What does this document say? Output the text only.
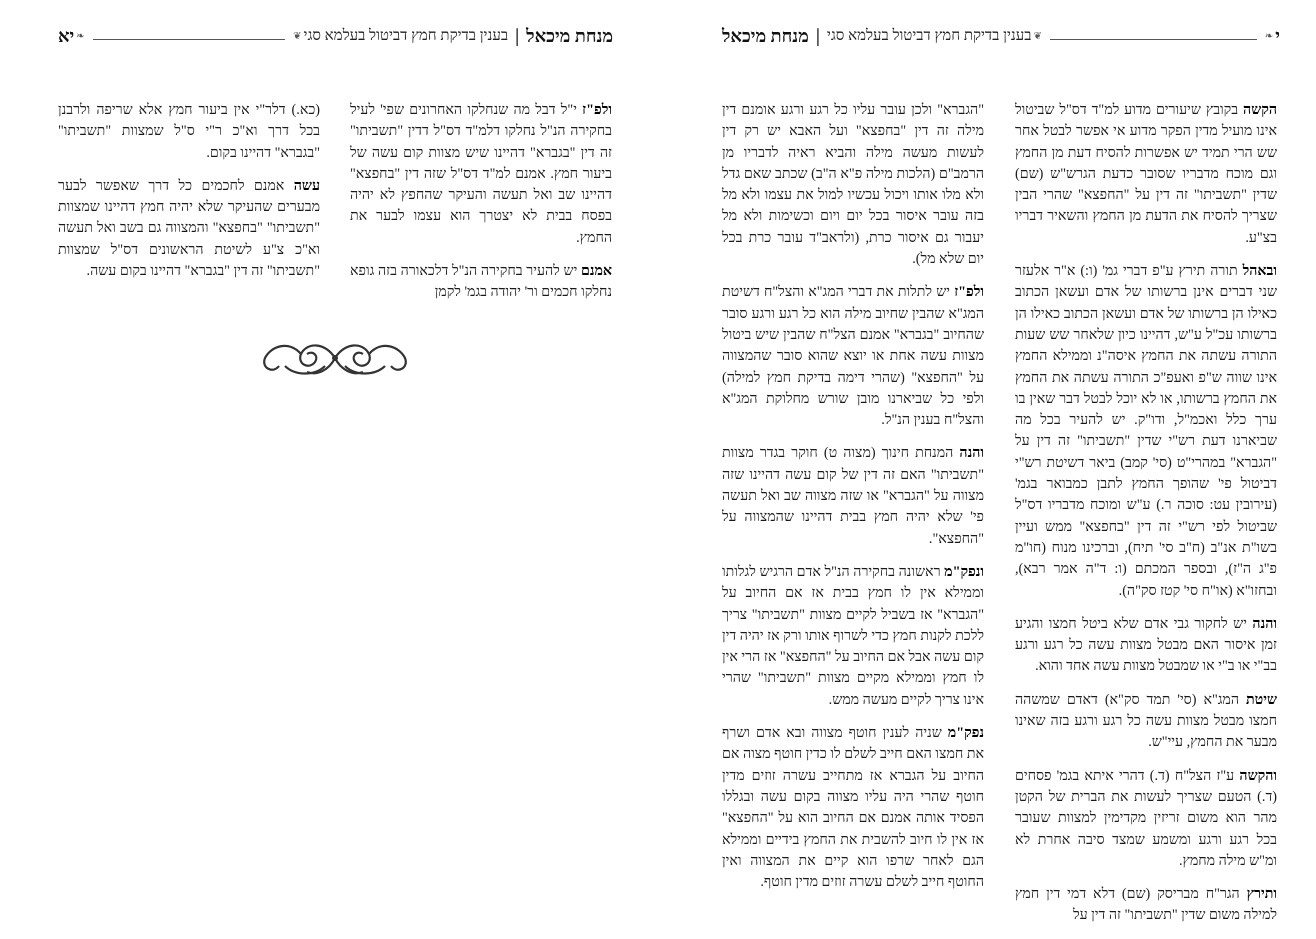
מנחת מיכאל
|
בענין בדיקת חמץ דביטול בעלמא סגי
❦
❧
יא

ולפ"ז י"ל דבל מה שנחלקו האחרונים שפי' לעיל בחקירה הנ"ל נחלקו דלמ"ד דס"ל דדין "תשביתו" זה דין "בגברא" דהיינו שיש מצוות קום עשה של ביעור חמץ. אמנם למ"ד דס"ל שזה דין "בחפצא" דהיינו שב ואל תעשה והעיקר שהחפץ לא יהיה בפסח בבית לא יצטרך הוא עצמו לבער את החמץ.

אמנם יש להעיר בחקירה הנ"ל דלכאורה בזה גופא נחלקו חכמים ור' יהודה בגמ' לקמן

(כא.) דלר"י אין ביעור חמץ אלא שריפה ולרבנן בכל דרך וא"כ ר"י ס"ל שמצוות "תשביתו" "בגברא" דהיינו בקום.

עשה אמנם לחכמים כל דרך שאפשר לבער מבערים שהעיקר שלא יהיה חמץ דהיינו שמצוות "תשביתו" "בחפצא" והמצווה גם בשב ואל תעשה וא"כ צ"ע לשיטת הראשונים דס"ל שמצוות "תשביתו" זה דין "בגברא" דהיינו בקום עשה.

י
❧
❦
בענין בדיקת חמץ דביטול בעלמא סגי
|
מנחת מיכאל

הקשה בקובץ שיעורים מדוע למ"ד דס"ל שביטול אינו מועיל מדין הפקר מדוע אי אפשר לבטל אחר שש הרי תמיד יש אפשרות להסיח דעת מן החמץ וגם מוכח מדבריו שסובר כדעת הגרש"ש (שם) שדין "תשביתו" זה דין על "החפצא" שהרי הבין שצריך להסיח את הדעת מן החמץ והשאיר דבריו בצ"ע.

ובאהל תורה תירץ ע"פ דברי גמ' (ו:) א"ר אלעזר שני דברים אינן ברשותו של אדם ועשאן הכתוב כאילו הן ברשותו של אדם ועשאן הכתוב כאילו הן ברשותו עכ"ל ע"ש, דהיינו כיון שלאחר שש שעות התורה עשתה את החמץ איסה"נ וממילא החמץ אינו שווה ש"פ ואעפ"כ התורה עשתה את החמץ את החמץ ברשותו, או לא יוכל לבטל דבר שאין בו ערך כלל ואכמ"ל, ודו"ק. יש להעיר בכל מה שביארנו דעת רש"י שדין "תשביתו" זה דין על "הגברא" במהרי"ט (סי' קמב) ביאר דשיטת רש"י דביטול פי' שהופך החמץ לתבן כמבואר בגמ' (עירובין עט: סוכה ר.) ע"ש ומוכח מדבריו דס"ל שביטול לפי רש"י זה דין "בחפצא" ממש ועיין בשו"ת אנ"ב (ח"ב סי' תיח), וברכינו מנוח (חו"מ פ"ג ה"ז), ובספר המכתם (ו: ד"ה אמר רבא), ובחזו"א (או"ח סי' קטז סק"ה).

והנה יש לחקור גבי אדם שלא ביטל חמצו והגיע זמן איסור האם מבטל מצוות עשה כל רגע ורגע בב"י או ב"י או שמבטל מצוות עשה אחד והוא.

שיטת המג"א (סי' תמד סק"א) דאדם שמשהה חמצו מבטל מצוות עשה כל רגע ורגע בזה שאינו מבער את החמץ, עיי"ש.

והקשה ע"ז הצל"ח (ד.) דהרי איתא בגמ' פסחים (ד.) הטעם שצריך לעשות את הברית של הקטן מהר הוא משום זריזין מקדימין למצוות שעובר בכל רגע ורגע ומשמע שמצד סיבה אחרת לא ומ"ש מילה מחמץ.

ותירץ הגר"ח מבריסק (שם) דלא דמי דין חמץ למילה משום שדין "תשביתו" זה דין על

"הגברא" ולכן עובר עליו כל רגע ורגע אומנם דין מילה זה דין "בחפצא" ועל האבא יש רק דין לעשות מעשה מילה והביא ראיה לדבריו מן הרמב"ם (הלכות מילה פ"א ה"ב) שכתב שאם גדל ולא מלו אותו ויכול עכשיו למול את עצמו ולא מל בזה עובר איסור בכל יום ויום וכשימות ולא מל יעבור גם איסור כרת, (ולראב"ד עובר כרת בכל יום שלא מל).

ולפ"ז יש לתלות את דברי המג"א והצל"ח דשיטת המג"א שהבין שחיוב מילה הוא כל רגע ורגע סובר שהחיוב "בגברא" אמנם הצל"ח שהבין שיש ביטול מצוות עשה אחת או יוצא שהוא סובר שהמצווה על "החפצא" (שהרי דימה בדיקת חמץ למילה) ולפי כל שביארנו מובן שורש מחלוקת המג"א והצל"ח בענין הנ"ל.

והנה המנחת חינוך (מצוה ט) חוקר בגדר מצוות "תשביתו" האם זה דין של קום עשה דהיינו שזה מצווה על "הגברא" או שזה מצווה שב ואל תעשה פי' שלא יהיה חמץ בבית דהיינו שהמצווה על "החפצא".

ונפק"מ ראשונה בחקירה הנ"ל אדם הרגיש לגלותו וממילא אין לו חמץ בבית אז אם החיוב על "הגברא" אז בשביל לקיים מצוות "תשביתו" צריך ללכת לקנות חמץ כדי לשרוף אותו ורק אז יהיה דין קום עשה אבל אם החיוב על "החפצא" אז הרי אין לו חמץ וממילא מקיים מצוות "תשביתו" שהרי אינו צריך לקיים מעשה ממש.

נפק"מ שניה לענין חוטף מצווה ובא אדם ושרף את חמצו האם חייב לשלם לו כדין חוטף מצוה אם החיוב על הגברא אז מתחייב עשרה זוזים מדין חוטף שהרי היה עליו מצווה בקום עשה ובגללו הפסיד אותה אמנם אם החיוב הוא על "החפצא" אז אין לו חיוב להשבית את החמץ בידיים וממילא הגם לאחר שרפו הוא קיים את המצווה ואין החוטף חייב לשלם עשרה זוזים מדין חוטף.
